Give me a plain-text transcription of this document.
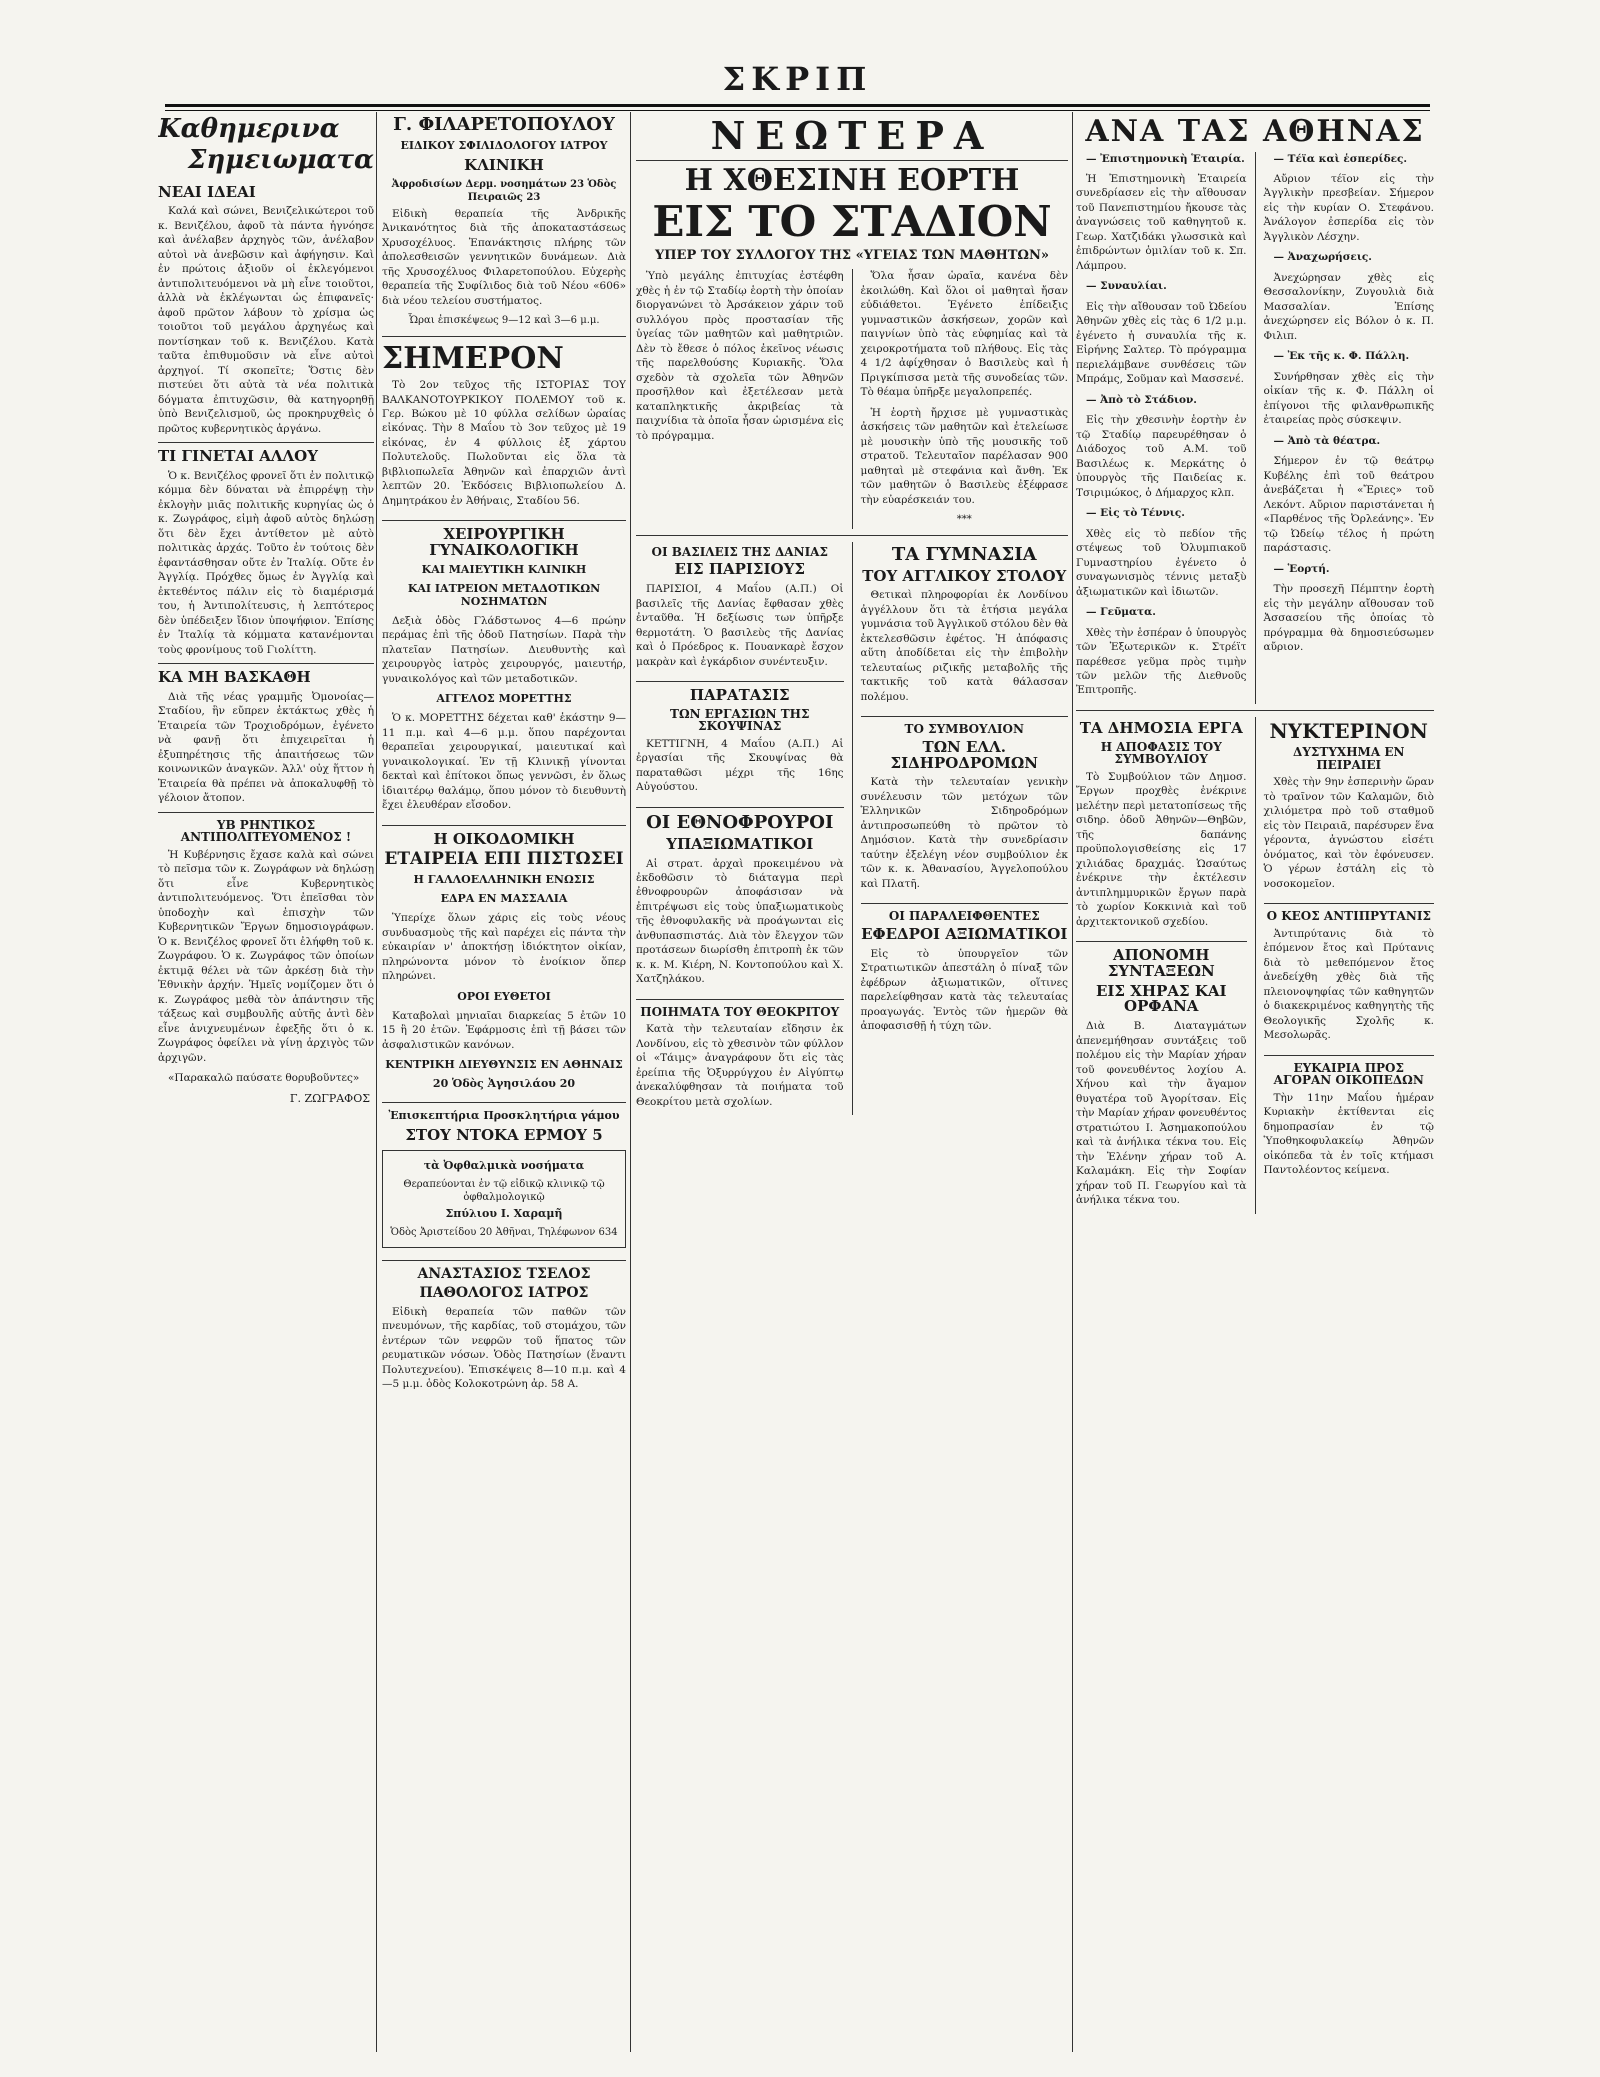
ΣΚΡΙΠ
Καθημερινα
Σημειωματα
ΝΕΑΙ ΙΔΕΑΙ

Καλά καὶ σώνει, Βενιζελικώτεροι τοῦ κ. Βενιζέλου, ἀφοῦ τὰ πάντα ἠγνόησε καὶ ἀνέλαβεν ἀρχηγὸς τῶν, ἀνέλαβον αὐτοὶ νὰ ἀνεβῶσιν καὶ ἀφήγησιν. Καὶ ἐν πρώτοις ἀξιοῦν οἱ ἐκλεγόμενοι ἀντιπολιτευόμενοι νὰ μὴ εἶνε τοιοῦτοι, ἀλλὰ νὰ ἐκλέγωνται ὡς ἐπιφανεῖς· ἀφοῦ πρῶτον λάβουν τὸ χρίσμα ὡς τοιοῦτοι τοῦ μεγάλου ἀρχηγέως καὶ ποντίσηκαν τοῦ κ. Βενιζέλου. Κατὰ ταῦτα ἐπιθυμοῦσιν νὰ εἶνε αὐτοὶ ἀρχηγοί. Τί σκοπεῖτε; Ὅστις δὲν πιστεύει ὅτι αὐτὰ τὰ νέα πολιτικὰ δόγματα ἐπιτυχῶσιν, θὰ κατηγορηθῇ ὑπὸ Βενιζελισμοῦ, ὡς προκηρυχθεὶς ὁ πρῶτος κυβερνητικὸς ἀργάνω.

ΤΙ ΓΙΝΕΤΑΙ ΑΛΛΟΥ

Ὁ κ. Βενιζέλος φρονεῖ ὅτι ἐν πολιτικῷ κόμμα δὲν δύναται νὰ ἐπιρρέψῃ τὴν ἐκλογὴν μιᾶς πολιτικῆς κυρηγίας ὡς ὁ κ. Ζωγράφος, εἰμὴ ἀφοῦ αὐτὸς δηλώσῃ ὅτι δὲν ἔχει ἀντίθετον μὲ αὐτὸ πολιτικὰς ἀρχάς. Τοῦτο ἐν τούτοις δὲν ἐφαντάσθησαν οὔτε ἐν Ἰταλίᾳ. Οὔτε ἐν Ἀγγλίᾳ. Πρόχθες ὅμως ἐν Ἀγγλίᾳ καὶ ἐκτεθέντος πάλιν εἰς τὸ διαμέρισμά του, ἡ Ἀντιπολίτευσις, ἡ λεπτότερος δὲν ὑπέδειξεν ἴδιον ὑποψήφιον. Ἐπίσης ἐν Ἰταλίᾳ τὰ κόμματα κατανέμονται τοὺς φρονίμους τοῦ Γιολίττη.

ΚΑ ΜΗ ΒΑΣΚΑΘΗ

Διὰ τῆς νέας γραμμῆς Ὀμονοίας—Σταδίου, ἣν εὔπρεν ἐκτάκτως χθὲς ἡ Ἑταιρεία τῶν Τροχιοδρόμων, ἐγένετο νὰ φανῇ ὅτι ἐπιχειρεῖται ἡ ἐξυπηρέτησις τῆς ἀπαιτήσεως τῶν κοινωνικῶν ἀναγκῶν. Ἀλλ' οὐχ ἥττον ἡ Ἑταιρεία θὰ πρέπει νὰ ἀποκαλυφθῇ τὸ γέλοιον ἄτοπον.

ΥΒ ΡΗΝΤΙΚΟΣ ΑΝΤΙΠΟΛΙΤΕΥΟΜΕΝΟΣ !

Ἡ Κυβέρνησις ἔχασε καλὰ καὶ σώνει τὸ πεῖσμα τῶν κ. Ζωγράφων νὰ δηλώσῃ ὅτι εἶνε Κυβερνητικὸς ἀντιπολιτευόμενος. Ὅτι ἐπεῖσθαι τὸν ὑποδοχὴν καὶ ἐπισχὴν τῶν Κυβερνητικῶν Ἔργων δημοσιογράφων. Ὁ κ. Βενιζέλος φρονεῖ ὅτι ἐλήφθη τοῦ κ. Ζωγράφου. Ὁ κ. Ζωγράφος τῶν ὁποίων ἐκτιμᾷ θέλει νὰ τῶν ἀρκέσῃ διὰ τὴν Ἐθνικὴν ἀρχήν. Ἡμεῖς νομίζομεν ὅτι ὁ κ. Ζωγράφος μεθὰ τὸν ἀπάντησιν τῆς τάξεως καὶ συμβουλῆς αὐτῆς ἀντὶ δὲν εἶνε ἀνιχνευμένων ἐφεξῆς ὅτι ὁ κ. Ζωγράφος ὀφείλει νὰ γίνῃ ἀρχιγὸς τῶν ἀρχιγῶν.

«Παρακαλῶ παύσατε θορυβοῦντες»

Γ. ΖΩΓΡΑΦΟΣ
Γ. ΦΙΛΑΡΕΤΟΠΟΥΛΟΥ
ΕΙΔΙΚΟΥ ΣΦΙΛΙΔΟΛΟΓΟΥ ΙΑΤΡΟΥ
ΚΛΙΝΙΚΗ

Ἀφροδισίων Δερμ. νοσημάτων 23 Ὁδὸς Πειραιῶς 23

Εἰδικὴ θεραπεία τῆς Ἀνδρικῆς Ἀνικανότητος διὰ τῆς ἀποκαταστάσεως Χρυσοχέλυος. Ἐπανάκτησις πλήρης τῶν ἀπολεσθεισῶν γεννητικῶν δυνάμεων. Διὰ τῆς Χρυσοχέλυος Φιλαρετοπούλου. Εὐχερὴς θεραπεία τῆς Συφίλιδος διὰ τοῦ Νέου «606» διὰ νέου τελείου συστήματος.

Ὧραι ἐπισκέψεως 9—12 καὶ 3—6 μ.μ.

ΣΗΜΕΡΟΝ

Τὸ 2ον τεῦχος τῆς ΙΣΤΟΡΙΑΣ ΤΟΥ ΒΑΛΚΑΝΟΤΟΥΡΚΙΚΟΥ ΠΟΛΕΜΟΥ τοῦ κ. Γερ. Βώκου μὲ 10 φύλλα σελίδων ὡραίας εἰκόνας. Τὴν 8 Μαΐου τὸ 3ον τεῦχος μὲ 19 εἰκόνας, ἐν 4 φύλλοις ἐξ χάρτου Πολυτελοῦς. Πωλοῦνται εἰς ὅλα τὰ βιβλιοπωλεῖα Ἀθηνῶν καὶ ἐπαρχιῶν ἀντὶ λεπτῶν 20. Ἐκδόσεις Βιβλιοπωλείου Δ. Δημητράκου ἐν Ἀθήναις, Σταδίου 56.

ΧΕΙΡΟΥΡΓΙΚΗ ΓΥΝΑΙΚΟΛΟΓΙΚΗ
ΚΑΙ ΜΑΙΕΥΤΙΚΗ ΚΛΙΝΙΚΗ
ΚΑΙ ΙΑΤΡΕΙΟΝ ΜΕΤΑΔΟΤΙΚΩΝ ΝΟΣΗΜΑΤΩΝ

Δεξιὰ ὁδὸς Γλάδστωνος 4—6 πρώην περάμας ἐπὶ τῆς ὁδοῦ Πατησίων. Παρὰ τὴν πλατεῖαν Πατησίων. Διευθυντὴς καὶ χειρουργὸς ἰατρὸς χειρουργός, μαιευτήρ, γυναικολόγος καὶ τῶν μεταδοτικῶν.

ΑΓΓΕΛΟΣ ΜΟΡΕΤΤΗΣ

Ὁ κ. ΜΟΡΕΤΤΗΣ δέχεται καθ' ἑκάστην 9—11 π.μ. καὶ 4—6 μ.μ. ὅπου παρέχονται θεραπεῖαι χειρουργικαί, μαιευτικαί καὶ γυναικολογικαί. Ἐν τῇ Κλινικῇ γίνονται δεκταὶ καὶ ἐπίτοκοι ὅπως γεννῶσι, ἐν ὅλως ἰδιαιτέρῳ θαλάμῳ, ὅπου μόνον τὸ διευθυντὴ ἔχει ἐλευθέραν εἴσοδον.

Η ΟΙΚΟΔΟΜΙΚΗ
ΕΤΑΙΡΕΙΑ ΕΠΙ ΠΙΣΤΩΣΕΙ
Η ΓΑΛΛΟΕΛΛΗΝΙΚΗ ΕΝΩΣΙΣ
ΕΔΡΑ ΕΝ ΜΑΣΣΑΛΙΑ

Ὑπερίχε ὅλων χάρις εἰς τοὺς νέους συνδυασμοὺς τῆς καὶ παρέχει εἰς πάντα τὴν εὐκαιρίαν ν' ἀποκτήσῃ ἰδιόκτητον οἰκίαν, πληρώνοντα μόνον τὸ ἐνοίκιον ὅπερ πληρώνει.

ΟΡΟΙ ΕΥΘΕΤΟΙ

Καταβολαὶ μηνιαῖαι διαρκείας 5 ἐτῶν 10 15 ἢ 20 ἐτῶν. Ἐφάρμοσις ἐπὶ τῇ βάσει τῶν ἀσφαλιστικῶν κανόνων.

ΚΕΝΤΡΙΚΗ ΔΙΕΥΘΥΝΣΙΣ ΕΝ ΑΘΗΝΑΙΣ
20 Ὁδὸς Ἀγησιλάου 20
Ἐπισκεπτήρια Προσκλητήρια γάμου
ΣΤΟΥ ΝΤΟΚΑ ΕΡΜΟΥ 5
τὰ Ὀφθαλμικὰ νοσήματα

Θεραπεύονται ἐν τῷ εἰδικῷ κλινικῷ τῷ ὀφθαλμολογικῷ

Σπύλιου Ι. Χαραμῆ

Ὁδὸς Ἀριστείδου 20 Ἀθῆναι, Τηλέφωνον 634

ΑΝΑΣΤΑΣΙΟΣ ΤΣΕΛΟΣ
ΠΑΘΟΛΟΓΟΣ ΙΑΤΡΟΣ

Εἰδικὴ θεραπεία τῶν παθῶν τῶν πνευμόνων, τῆς καρδίας, τοῦ στομάχου, τῶν ἐντέρων τῶν νεφρῶν τοῦ ἥπατος τῶν ρευματικῶν νόσων. Ὁδὸς Πατησίων (ἔναντι Πολυτεχνείου). Ἐπισκέψεις 8—10 π.μ. καὶ 4—5 μ.μ. ὁδὸς Κολοκοτρώνη ἀρ. 58 Α.

ΝΕΩΤΕΡΑ
Η ΧΘΕΣΙΝΗ ΕΟΡΤΗ
ΕΙΣ ΤΟ ΣΤΑΔΙΟΝ
ΥΠΕΡ ΤΟΥ ΣΥΛΛΟΓΟΥ ΤΗΣ «ΥΓΕΙΑΣ ΤΩΝ ΜΑΘΗΤΩΝ»

Ὑπὸ μεγάλης ἐπιτυχίας ἐστέφθη χθὲς ἡ ἐν τῷ Σταδίῳ ἑορτὴ τὴν ὁποίαν διοργανώνει τὸ Ἀρσάκειον χάριν τοῦ συλλόγου πρὸς προστασίαν τῆς ὑγείας τῶν μαθητῶν καὶ μαθητριῶν. Δὲν τὸ ἔθεσε ὁ πόλος ἐκεῖνος νέωσις τῆς παρελθούσης Κυριακῆς. Ὅλα σχεδὸν τὰ σχολεῖα τῶν Ἀθηνῶν προσῆλθον καὶ ἐξετέλεσαν μετὰ καταπληκτικῆς ἀκριβείας τὰ παιχνίδια τὰ ὁποῖα ἦσαν ὡρισμένα εἰς τὸ πρόγραμμα.

Ὅλα ἦσαν ὡραῖα, κανένα δὲν ἐκοιλώθη. Καὶ ὅλοι οἱ μαθηταὶ ἤσαν εὐδιάθετοι. Ἐγένετο ἐπίδειξις γυμναστικῶν ἀσκήσεων, χορῶν καὶ παιγνίων ὑπὸ τὰς εὐφημίας καὶ τὰ χειροκροτήματα τοῦ πλήθους. Εἰς τὰς 4 1/2 ἀφίχθησαν ὁ Βασιλεὺς καὶ ἡ Πριγκίπισσα μετὰ τῆς συνοδείας τῶν. Τὸ θέαμα ὑπῆρξε μεγαλοπρεπές.

Ἡ ἑορτὴ ἤρχισε μὲ γυμναστικὰς ἀσκήσεις τῶν μαθητῶν καὶ ἐτελείωσε μὲ μουσικὴν ὑπὸ τῆς μουσικῆς τοῦ στρατοῦ. Τελευταῖον παρέλασαν 900 μαθηταὶ μὲ στεφάνια καὶ ἄνθη. Ἐκ τῶν μαθητῶν ὁ Βασιλεὺς ἐξέφρασε τὴν εὐαρέσκειάν του.

***
ΟΙ ΒΑΣΙΛΕΙΣ ΤΗΣ ΔΑΝΙΑΣ
ΕΙΣ ΠΑΡΙΣΙΟΥΣ

ΠΑΡΙΣΙΟΙ, 4 Μαΐου (Α.Π.) Οἱ βασιλεῖς τῆς Δανίας ἔφθασαν χθὲς ἐνταῦθα. Ἡ δεξίωσις των ὑπῆρξε θερμοτάτη. Ὁ βασιλεὺς τῆς Δανίας καὶ ὁ Πρόεδρος κ. Πουανκαρὲ ἔσχον μακρὰν καὶ ἐγκάρδιον συνέντευξιν.

ΠΑΡΑΤΑΣΙΣ
ΤΩΝ ΕΡΓΑΣΙΩΝ ΤΗΣ ΣΚΟΥΨΙΝΑΣ

ΚΕΤΤΙΓΝΗ, 4 Μαΐου (Α.Π.) Αἱ ἐργασίαι τῆς Σκουψίνας θὰ παραταθῶσι μέχρι τῆς 16ης Αὐγούστου.

ΟΙ ΕΘΝΟΦΡΟΥΡΟΙ
ΥΠΑΞΙΩΜΑΤΙΚΟΙ

Αἱ στρατ. ἀρχαὶ προκειμένου νὰ ἐκδοθῶσιν τὸ διάταγμα περὶ ἐθνοφρουρῶν ἀποφάσισαν νὰ ἐπιτρέψωσι εἰς τοὺς ὑπαξιωματικοὺς τῆς ἐθνοφυλακῆς νὰ προάγωνται εἰς ἀνθυπασπιστάς. Διὰ τὸν ἔλεγχον τῶν προτάσεων διωρίσθη ἐπιτροπὴ ἐκ τῶν κ. κ. Μ. Κιέρη, Ν. Κοντοπούλου καὶ Χ. Χατζηλάκου.

ΠΟΙΗΜΑΤΑ ΤΟΥ ΘΕΟΚΡΙΤΟΥ

Κατὰ τὴν τελευταίαν εἴδησιν ἐκ Λονδίνου, εἰς τὸ χθεσινὸν τῶν φύλλον οἱ «Τάιμς» ἀναγράφουν ὅτι εἰς τὰς ἐρείπια τῆς Ὀξυρρύγχου ἐν Αἰγύπτῳ ἀνεκαλύφθησαν τὰ ποιήματα τοῦ Θεοκρίτου μετὰ σχολίων.

ΤΑ ΓΥΜΝΑΣΙΑ
ΤΟΥ ΑΓΓΛΙΚΟΥ ΣΤΟΛΟΥ

Θετικαὶ πληροφορίαι ἐκ Λονδίνου ἀγγέλλουν ὅτι τὰ ἐτήσια μεγάλα γυμνάσια τοῦ Ἀγγλικοῦ στόλου δὲν θὰ ἐκτελεσθῶσιν ἐφέτος. Ἡ ἀπόφασις αὕτη ἀποδίδεται εἰς τὴν ἐπιβολὴν τελευταίως ριζικῆς μεταβολῆς τῆς τακτικῆς τοῦ κατὰ θάλασσαν πολέμου.

ΤΟ ΣΥΜΒΟΥΛΙΟΝ
ΤΩΝ ΕΛΛ. ΣΙΔΗΡΟΔΡΟΜΩΝ

Κατὰ τὴν τελευταίαν γενικὴν συνέλευσιν τῶν μετόχων τῶν Ἑλληνικῶν Σιδηροδρόμων ἀντιπροσωπεύθη τὸ πρῶτον τὸ Δημόσιον. Κατὰ τὴν συνεδρίασιν ταύτην ἐξελέγη νέον συμβούλιον ἐκ τῶν κ. κ. Ἀθανασίου, Ἀγγελοπούλου καὶ Πλατῆ.

ΟΙ ΠΑΡΑΛΕΙΦΘΕΝΤΕΣ
ΕΦΕΔΡΟΙ ΑΞΙΩΜΑΤΙΚΟΙ

Εἰς τὸ ὑπουργεῖον τῶν Στρατιωτικῶν ἀπεστάλη ὁ πίναξ τῶν ἐφέδρων ἀξιωματικῶν, οἵτινες παρελείφθησαν κατὰ τὰς τελευταίας προαγωγάς. Ἐντὸς τῶν ἡμερῶν θὰ ἀποφασισθῇ ἡ τύχη τῶν.

ΑΝΑ ΤΑΣ ΑΘΗΝΑΣ

— Ἐπιστημονικὴ Ἑταιρία.

Ἡ Ἐπιστημονικὴ Ἑταιρεία συνεδρίασεν εἰς τὴν αἴθουσαν τοῦ Πανεπιστημίου ἤκουσε τὰς ἀναγνώσεις τοῦ καθηγητοῦ κ. Γεωρ. Χατζιδάκι γλωσσικὰ καὶ ἐπιδρώντων ὁμιλίαν τοῦ κ. Σπ. Λάμπρου.

— Συναυλίαι.

Εἰς τὴν αἴθουσαν τοῦ Ὠδείου Ἀθηνῶν χθὲς εἰς τὰς 6 1/2 μ.μ. ἐγένετο ἡ συναυλία τῆς κ. Εἰρήνης Σαλτερ. Τὸ πρόγραμμα περιελάμβανε συνθέσεις τῶν Μπράμς, Σοῦμαν καὶ Μασσενέ.

— Ἀπὸ τὸ Στάδιον.

Εἰς τὴν χθεσινὴν ἑορτὴν ἐν τῷ Σταδίῳ παρευρέθησαν ὁ Διάδοχος τοῦ Α.Μ. τοῦ Βασιλέως κ. Μερκάτης ὁ ὑπουργὸς τῆς Παιδείας κ. Τσιριμώκος, ὁ Δήμαρχος κλπ.

— Εἰς τὸ Τέννις.

Χθὲς εἰς τὸ πεδίον τῆς στέψεως τοῦ Ὀλυμπιακοῦ Γυμναστηρίου ἐγένετο ὁ συναγωνισμὸς τέννις μεταξὺ ἀξιωματικῶν καὶ ἰδιωτῶν.

— Γεῦματα.

Χθὲς τὴν ἑσπέραν ὁ ὑπουργὸς τῶν Ἐξωτερικῶν κ. Στρέϊτ παρέθεσε γεῦμα πρὸς τιμὴν τῶν μελῶν τῆς Διεθνοῦς Ἐπιτροπῆς.

— Τέϊα καὶ ἑσπερίδες.

Αὔριον τέϊον εἰς τὴν Ἀγγλικὴν πρεσβείαν. Σήμερον εἰς τὴν κυρίαν Ο. Στεφάνου. Ἀνάλογον ἐσπερίδα εἰς τὸν Ἀγγλικὸν Λέσχην.

— Ἀναχωρήσεις.

Ἀνεχώρησαν χθὲς εἰς Θεσσαλονίκην, Ζυγουλιὰ διὰ Μασσαλίαν. Ἐπίσης ἀνεχώρησεν εἰς Βόλον ὁ κ. Π. Φιλιπ.

— Ἐκ τῆς κ. Φ. Πάλλη.

Συνήρθησαν χθὲς εἰς τὴν οἰκίαν τῆς κ. Φ. Πάλλη οἱ ἐπίγονοι τῆς φιλανθρωπικῆς ἐταιρείας πρὸς σύσκεψιν.

— Ἀπὸ τὰ θέατρα.

Σήμερον ἐν τῷ θεάτρῳ Κυβέλης ἐπὶ τοῦ θεάτρου ἀνεβάζεται ἡ «Ἔριες» τοῦ Λεκόντ. Αὔριον παριστάνεται ἡ «Παρθένος τῆς Ὀρλεάνης». Ἐν τῷ Ὠδείῳ τέλος ἡ πρώτη παράστασις.

— Ἑορτή.

Τὴν προσεχῆ Πέμπτην ἑορτὴ εἰς τὴν μεγάλην αἴθουσαν τοῦ Ἀσσασείου τῆς ὁποίας τὸ πρόγραμμα θὰ δημοσιεύσωμεν αὔριον.

ΤΑ ΔΗΜΟΣΙΑ ΕΡΓΑ
Η ΑΠΟΦΑΣΙΣ ΤΟΥ ΣΥΜΒΟΥΛΙΟΥ

Τὸ Συμβούλιον τῶν Δημοσ. Ἔργων προχθὲς ἐνέκρινε μελέτην περὶ μετατοπίσεως τῆς σιδηρ. ὁδοῦ Ἀθηνῶν—Θηβῶν, τῆς δαπάνης προϋπολογισθείσης εἰς 17 χιλιάδας δραχμάς. Ὡσαύτως ἐνέκρινε τὴν ἐκτέλεσιν ἀντιπλημμυρικῶν ἔργων παρὰ τὸ χωρίον Κοκκινιὰ καὶ τοῦ ἀρχιτεκτονικοῦ σχεδίου.

ΑΠΟΝΟΜΗ ΣΥΝΤΑΞΕΩΝ
ΕΙΣ ΧΗΡΑΣ ΚΑΙ ΟΡΦΑΝΑ

Διὰ Β. Διαταγμάτων ἀπενεμήθησαν συντάξεις τοῦ πολέμου εἰς τὴν Μαρίαν χήραν τοῦ φονευθέντος λοχίου Α. Χήνου καὶ τὴν ἄγαμον θυγατέρα τοῦ Ἀγορίτσαν. Εἰς τὴν Μαρίαν χήραν φονευθέντος στρατιώτου Ι. Ἀσημακοπούλου καὶ τὰ ἀνήλικα τέκνα του. Εἰς τὴν Ἑλένην χήραν τοῦ Α. Καλαμάκη. Εἰς τὴν Σοφίαν χήραν τοῦ Π. Γεωργίου καὶ τὰ ἀνήλικα τέκνα του.

ΝΥΚΤΕΡΙΝΟΝ
ΔΥΣΤΥΧΗΜΑ ΕΝ ΠΕΙΡΑΙΕΙ

Χθὲς τὴν 9ην ἑσπερινὴν ὥραν τὸ τραῖνον τῶν Καλαμῶν, διὸ χιλιόμετρα πρὸ τοῦ σταθμοῦ εἰς τὸν Πειραιᾶ, παρέσυρεν ἕνα γέροντα, ἀγνώστου εἰσέτι ὀνόματος, καὶ τὸν ἐφόνευσεν. Ὁ γέρων ἐστάλη εἰς τὸ νοσοκομεῖον.

Ο ΚΕΟΣ ΑΝΤΙΠΡΥΤΑΝΙΣ

Ἀντιπρύτανις διὰ τὸ ἐπόμενον ἔτος καὶ Πρύτανις διὰ τὸ μεθεπόμενον ἔτος ἀνεδείχθη χθὲς διὰ τῆς πλειονοψηφίας τῶν καθηγητῶν ὁ διακεκριμένος καθηγητὴς τῆς Θεολογικῆς Σχολῆς κ. Μεσολωρᾶς.

ΕΥΚΑΙΡΙΑ ΠΡΟΣ ΑΓΟΡΑΝ ΟΙΚΟΠΕΔΩΝ

Τὴν 11ην Μαΐου ἡμέραν Κυριακὴν ἐκτίθενται εἰς δημοπρασίαν ἐν τῷ Ὑποθηκοφυλακείῳ Ἀθηνῶν οἰκόπεδα τὰ ἐν τοῖς κτήμασι Παντολέοντος κείμενα.
